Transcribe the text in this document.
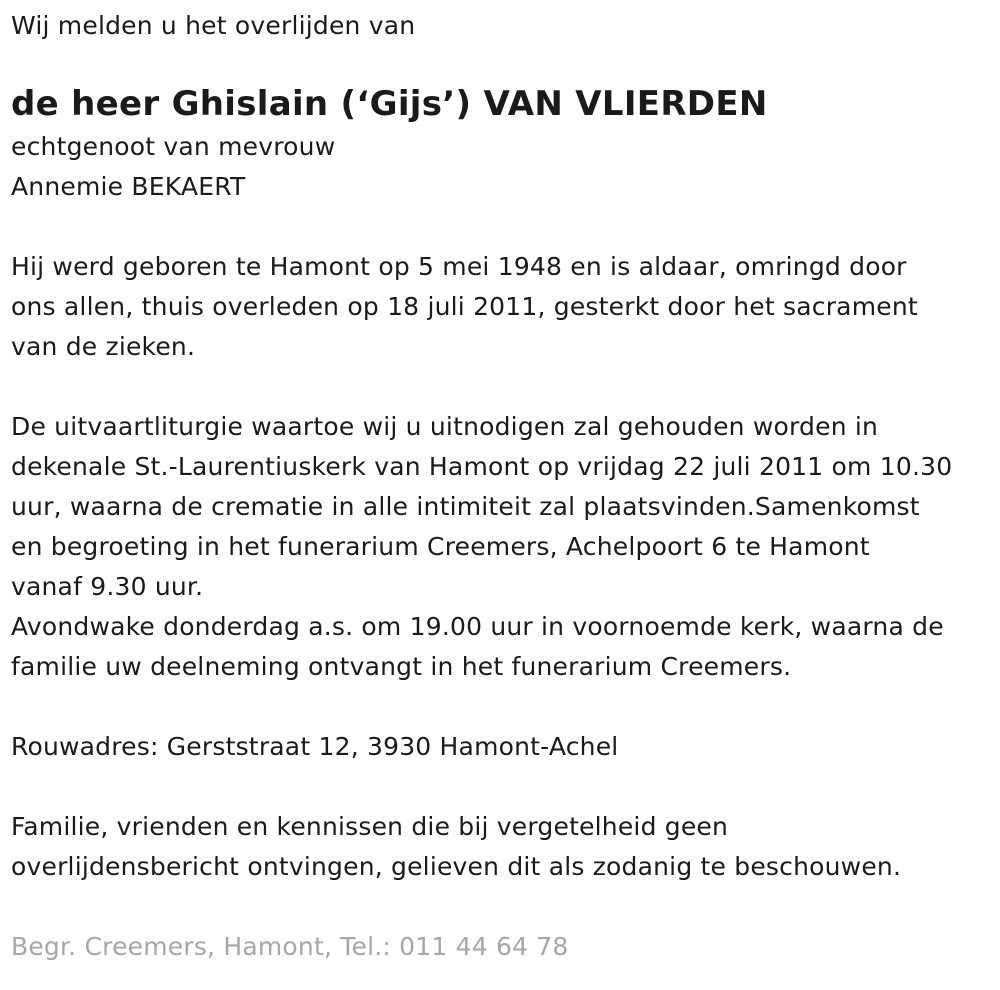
Wij melden u het overlijden van
de heer Ghislain (‘Gijs’) VAN VLIERDEN
echtgenoot van mevrouw
Annemie BEKAERT
Hij werd geboren te Hamont op 5 mei 1948 en is aldaar, omringd door
ons allen, thuis overleden op 18 juli 2011, gesterkt door het sacrament
van de zieken.
De uitvaartliturgie waartoe wij u uitnodigen zal gehouden worden in
dekenale St.-Laurentiuskerk van Hamont op vrijdag 22 juli 2011 om 10.30
uur, waarna de crematie in alle intimiteit zal plaatsvinden.Samenkomst
en begroeting in het funerarium Creemers, Achelpoort 6 te Hamont
vanaf 9.30 uur.
Avondwake donderdag a.s. om 19.00 uur in voornoemde kerk, waarna de
familie uw deelneming ontvangt in het funerarium Creemers.
Rouwadres: Gerststraat 12, 3930 Hamont-Achel
Familie, vrienden en kennissen die bij vergetelheid geen
overlijdensbericht ontvingen, gelieven dit als zodanig te beschouwen.
Begr. Creemers, Hamont, Tel.: 011 44 64 78
